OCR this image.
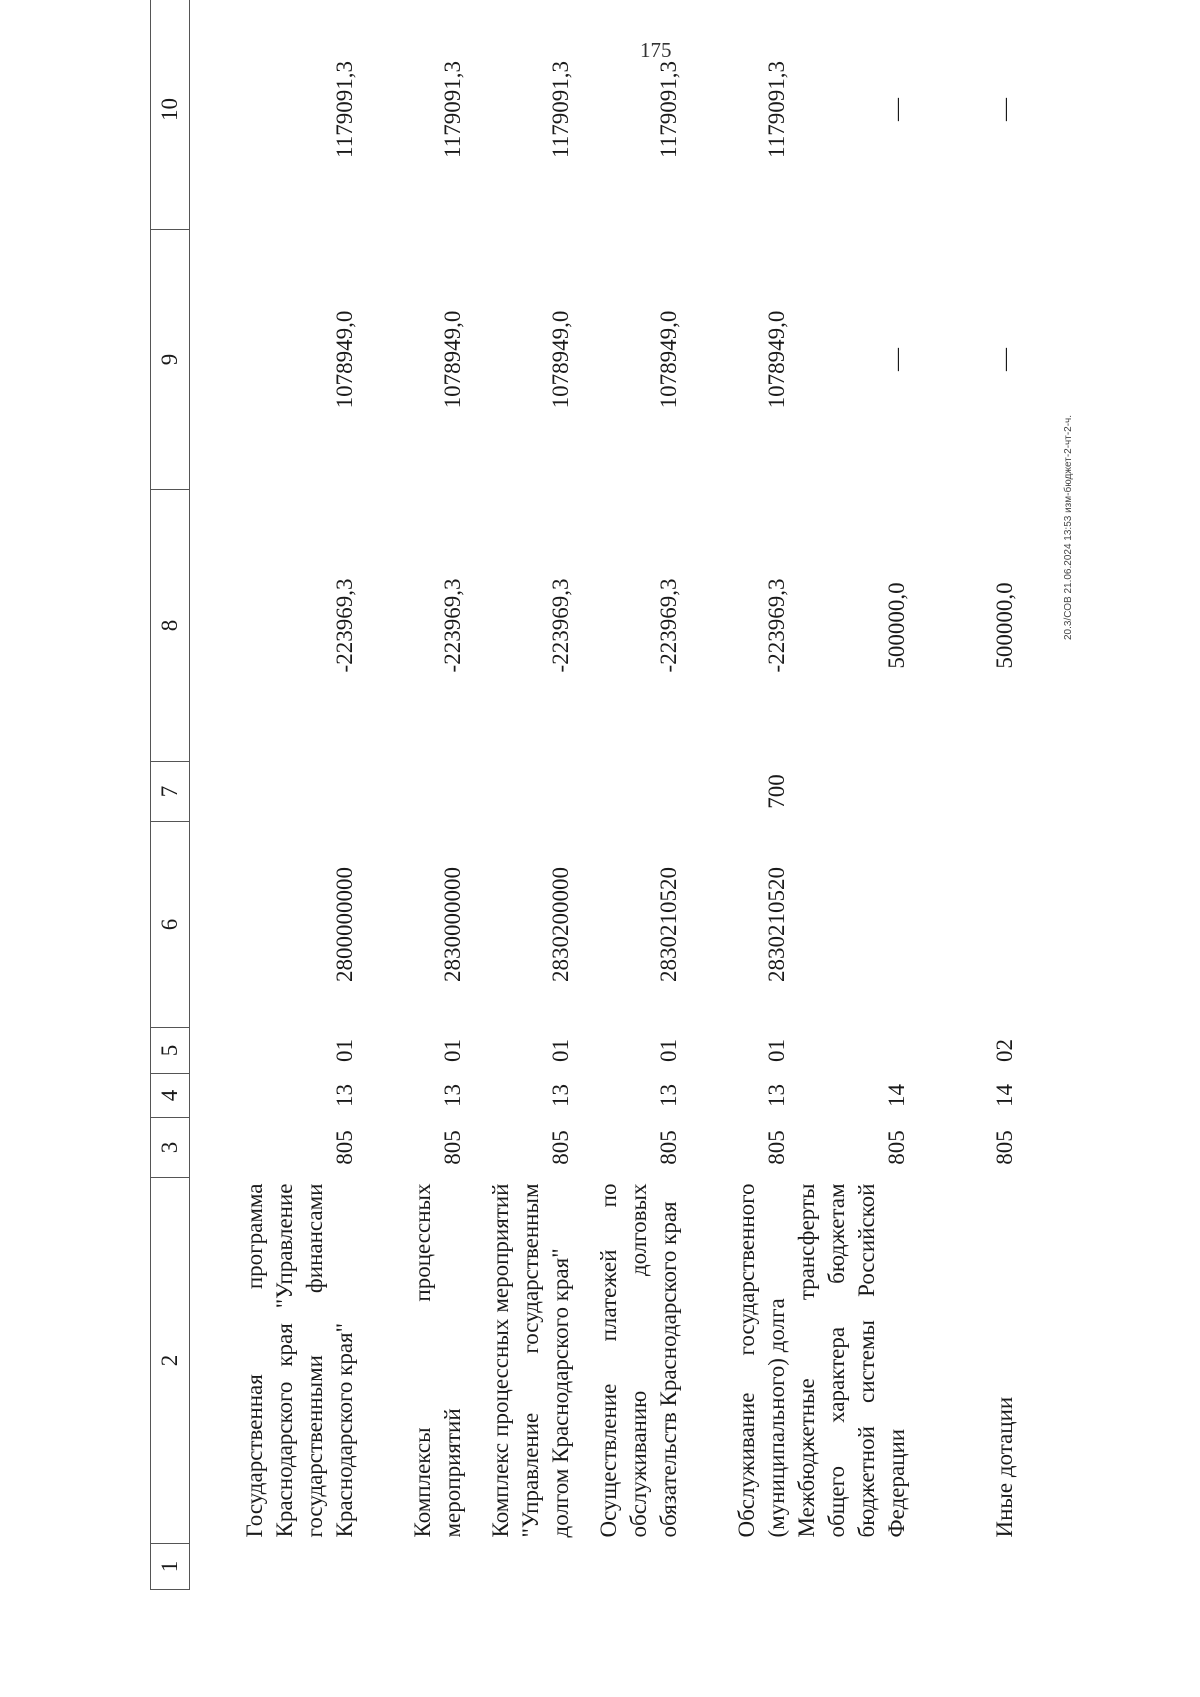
175
1	2	3	4	5	6	7	8	9	10
	Государственная программа Краснодарского края "Управление государственными финансами Краснодарского края"	805	13	01	2800000000		-223969,3	1078949,0	1179091,3
	Комплексы процессных мероприятий	805	13	01	2830000000		-223969,3	1078949,0	1179091,3
	Комплекс процессных мероприятий "Управление государственным долгом Краснодарского края"	805	13	01	2830200000		-223969,3	1078949,0	1179091,3
	Осуществление платежей по обслуживанию долговых обязательств Краснодарского края	805	13	01	2830210520		-223969,3	1078949,0	1179091,3
	Обслуживание государственного (муниципального) долга	805	13	01	2830210520	700	-223969,3	1078949,0	1179091,3
	Межбюджетные трансферты общего характера бюджетам бюджетной системы Российской Федерации	805	14				500000,0	—	—
	Иные дотации	805	14	02			500000,0	—	—
20.3/СОВ 21.06.2024 13:53 изм-бюджет-2-чт-2-ч.
